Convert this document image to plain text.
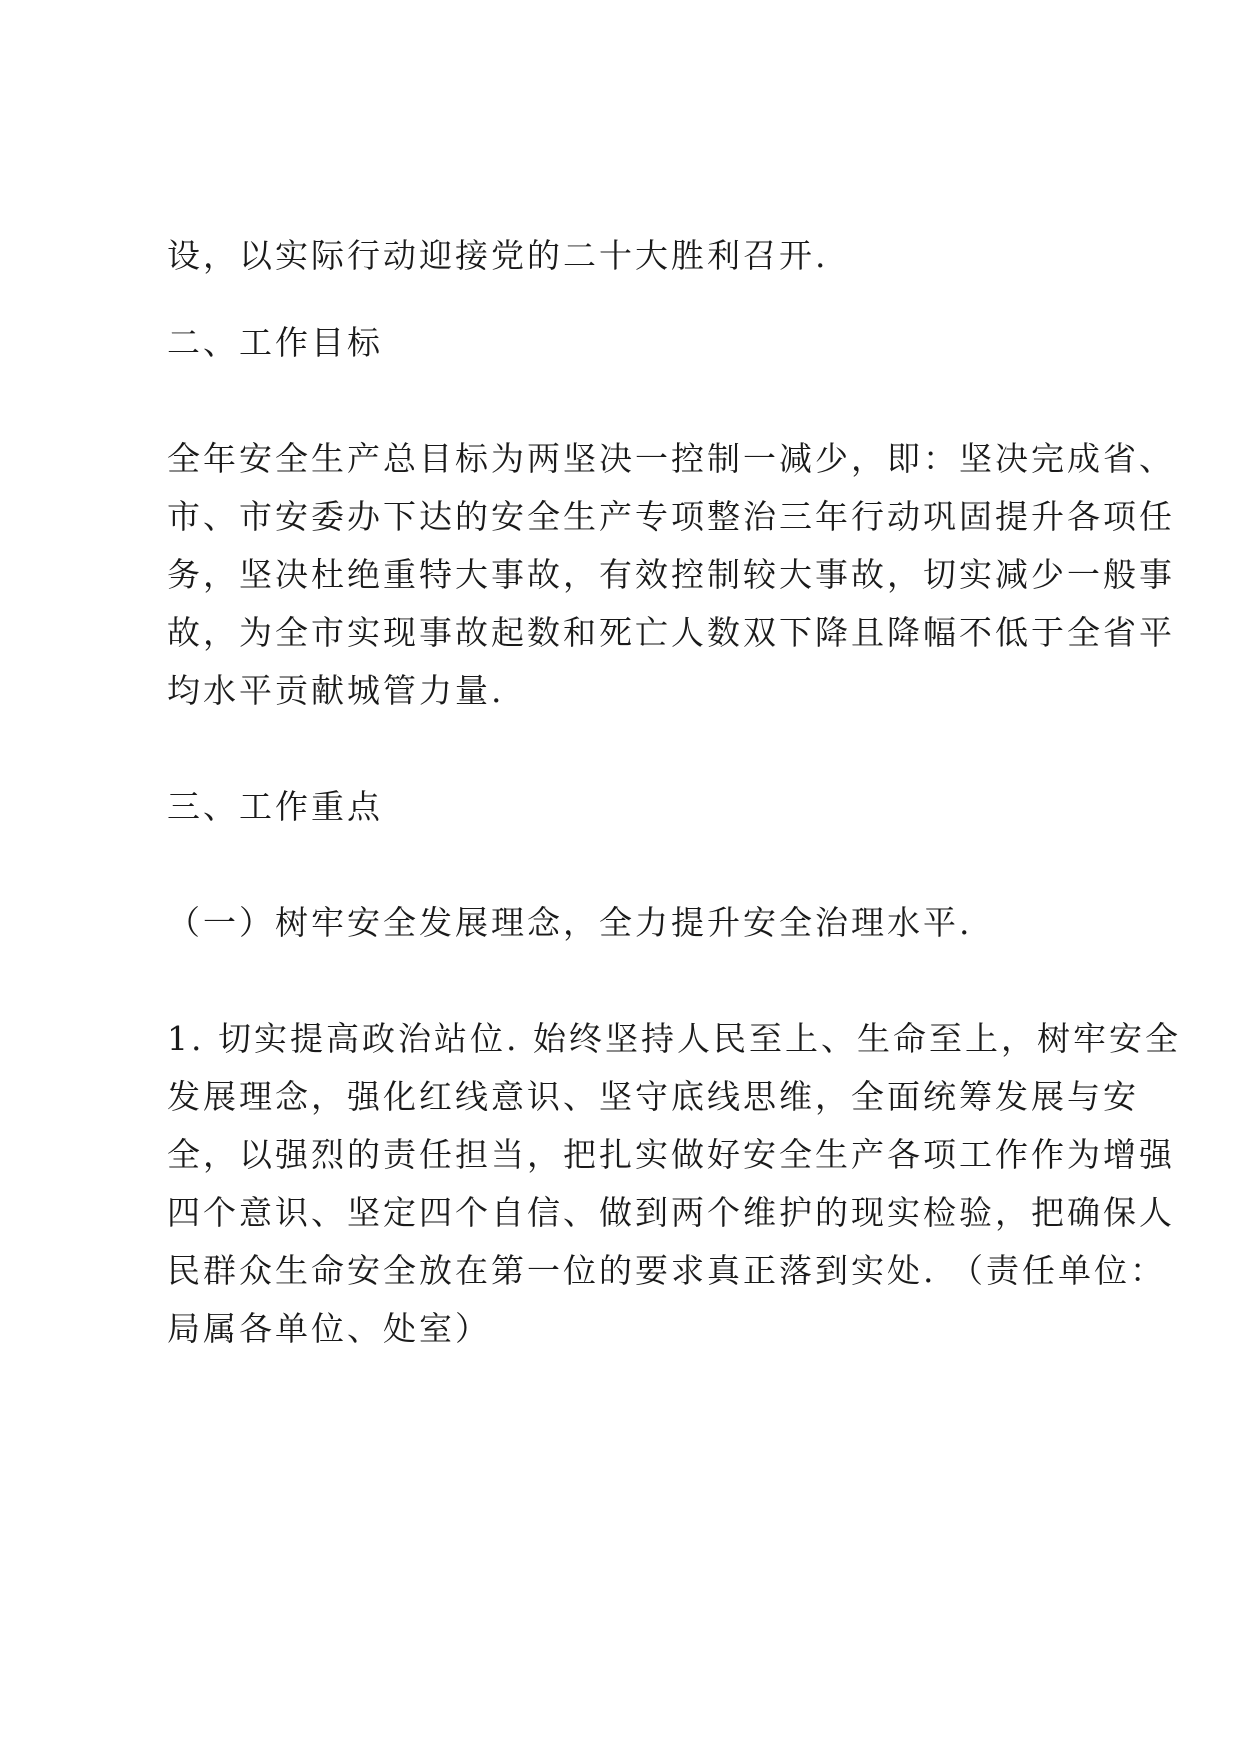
设，以实际行动迎接党的二十大胜利召开.
二、工作目标
全年安全生产总目标为两坚决一控制一减少，即：坚决完成省、
市、市安委办下达的安全生产专项整治三年行动巩固提升各项任
务，坚决杜绝重特大事故，有效控制较大事故，切实减少一般事
故，为全市实现事故起数和死亡人数双下降且降幅不低于全省平
均水平贡献城管力量.
三、工作重点
（一）树牢安全发展理念，全力提升安全治理水平.
1. 切实提高政治站位. 始终坚持人民至上、生命至上，树牢安全
发展理念，强化红线意识、坚守底线思维，全面统筹发展与安
全，以强烈的责任担当，把扎实做好安全生产各项工作作为增强
四个意识、坚定四个自信、做到两个维护的现实检验，把确保人
民群众生命安全放在第一位的要求真正落到实处. （责任单位：
局属各单位、处室）
